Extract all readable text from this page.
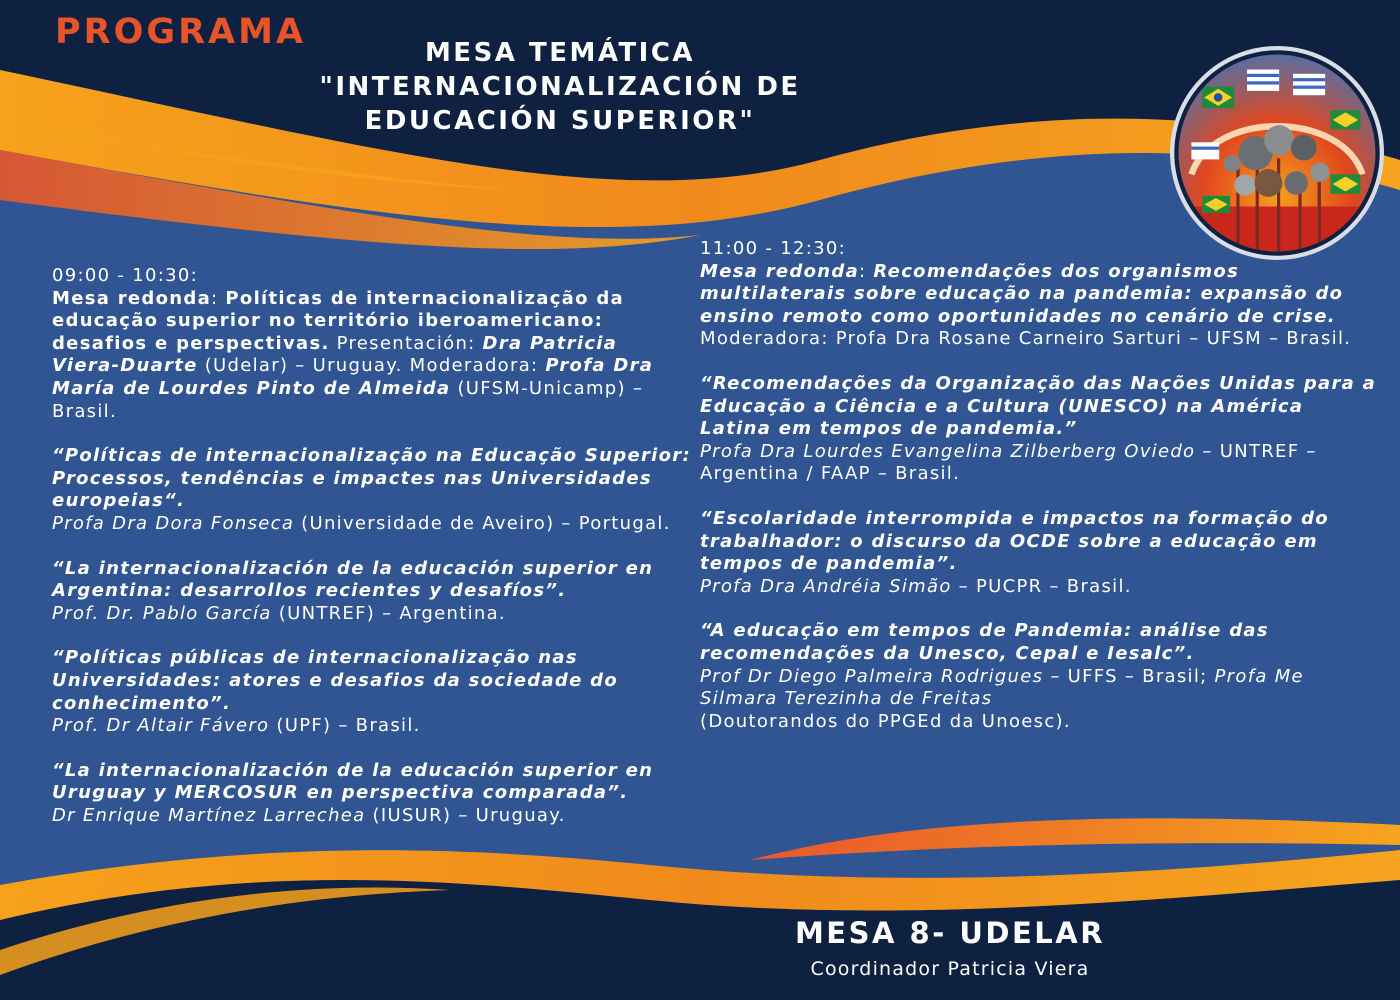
PROGRAMA
MESA TEMÁTICA
"INTERNACIONALIZACIÓN DE
EDUCACIÓN SUPERIOR"

09:00 - 10:30:
Mesa redonda: Políticas de internacionalização da educação superior no território iberoamericano: desafios e perspectivas. Presentación: Dra Patricia Viera-Duarte (Udelar) – Uruguay. Moderadora: Profa Dra María de Lourdes Pinto de Almeida (UFSM-Unicamp) – Brasil.

“Políticas de internacionalização na Educação Superior: Processos, tendências e impactes nas Universidades europeias“.
Profa Dra Dora Fonseca (Universidade de Aveiro) – Portugal.

“La internacionalización de la educación superior en Argentina: desarrollos recientes y desafíos”.
Prof. Dr. Pablo García (UNTREF) – Argentina.

“Políticas públicas de internacionalização nas Universidades: atores e desafios da sociedade do conhecimento”.
Prof. Dr Altair Fávero (UPF) – Brasil.

“La internacionalización de la educación superior en Uruguay y MERCOSUR en perspectiva comparada”.
Dr Enrique Martínez Larrechea (IUSUR) – Uruguay.

11:00 - 12:30:
Mesa redonda: Recomendações dos organismos multilaterais sobre educação na pandemia: expansão do ensino remoto como oportunidades no cenário de crise. Moderadora: Profa Dra Rosane Carneiro Sarturi – UFSM – Brasil.

“Recomendações da Organização das Nações Unidas para a Educação a Ciência e a Cultura (UNESCO) na América Latina em tempos de pandemia.”
Profa Dra Lourdes Evangelina Zilberberg Oviedo – UNTREF – Argentina / FAAP – Brasil.

“Escolaridade interrompida e impactos na formação do trabalhador: o discurso da OCDE sobre a educação em tempos de pandemia”.
Profa Dra Andréia Simão – PUCPR – Brasil.

“A educação em tempos de Pandemia: análise das recomendações da Unesco, Cepal e Iesalc”.
Prof Dr Diego Palmeira Rodrigues – UFFS – Brasil; Profa Me Silmara Terezinha de Freitas
(Doutorandos do PPGEd da Unoesc).

MESA 8- UDELAR

Coordinador Patricia Viera
